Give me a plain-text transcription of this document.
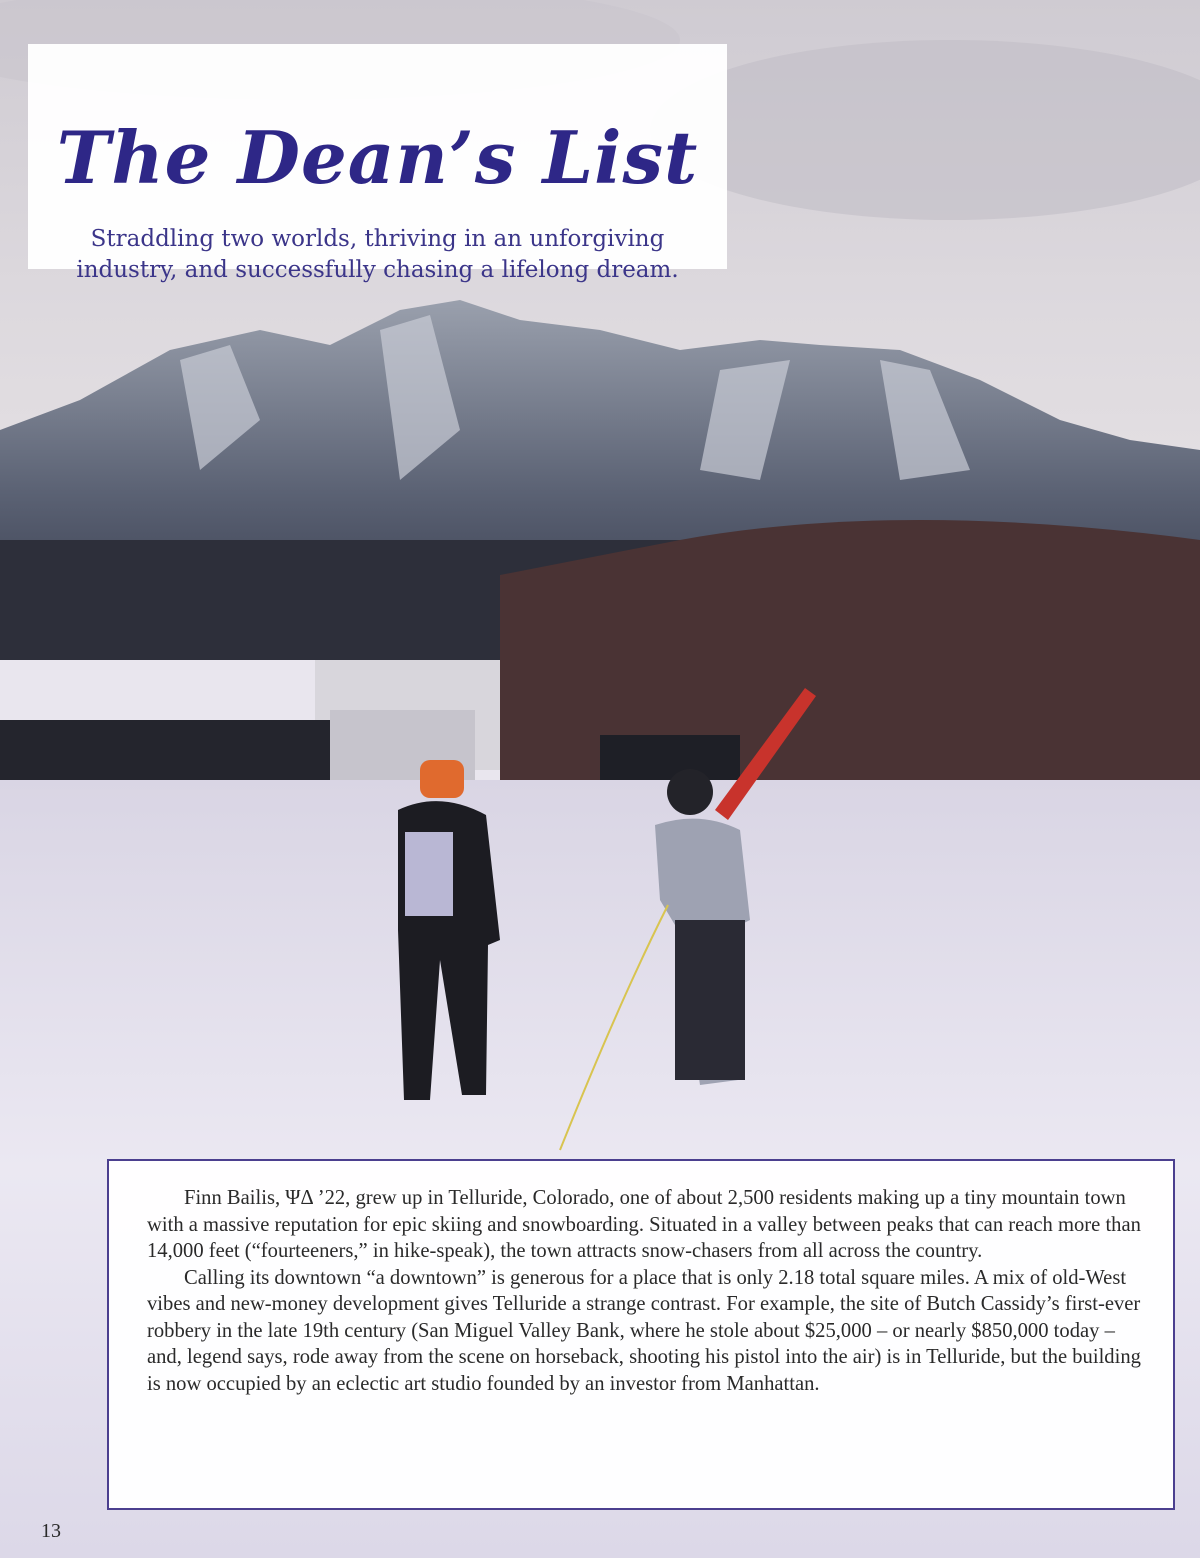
The Dean’s List
Straddling two worlds, thriving in an unforgiving
industry, and successfully chasing a lifelong dream.

Finn Bailis, ΨΔ ’22, grew up in Telluride, Colorado, one of about 2,500 residents making up a tiny mountain town with a massive reputation for epic skiing and snowboarding. Situated in a valley between peaks that can reach more than 14,000 feet (“fourteeners,” in hike-speak), the town attracts snow-chasers from all across the country.

Calling its downtown “a downtown” is generous for a place that is only 2.18 total square miles. A mix of old-West vibes and new-money development gives Telluride a strange contrast. For example, the site of Butch Cassidy’s first-ever robbery in the late 19th century (San Miguel Valley Bank, where he stole about $25,000 – or nearly $850,000 today – and, legend says, rode away from the scene on horseback, shooting his pistol into the air) is in Telluride, but the building is now occupied by an eclectic art studio founded by an investor from Manhattan.

13
